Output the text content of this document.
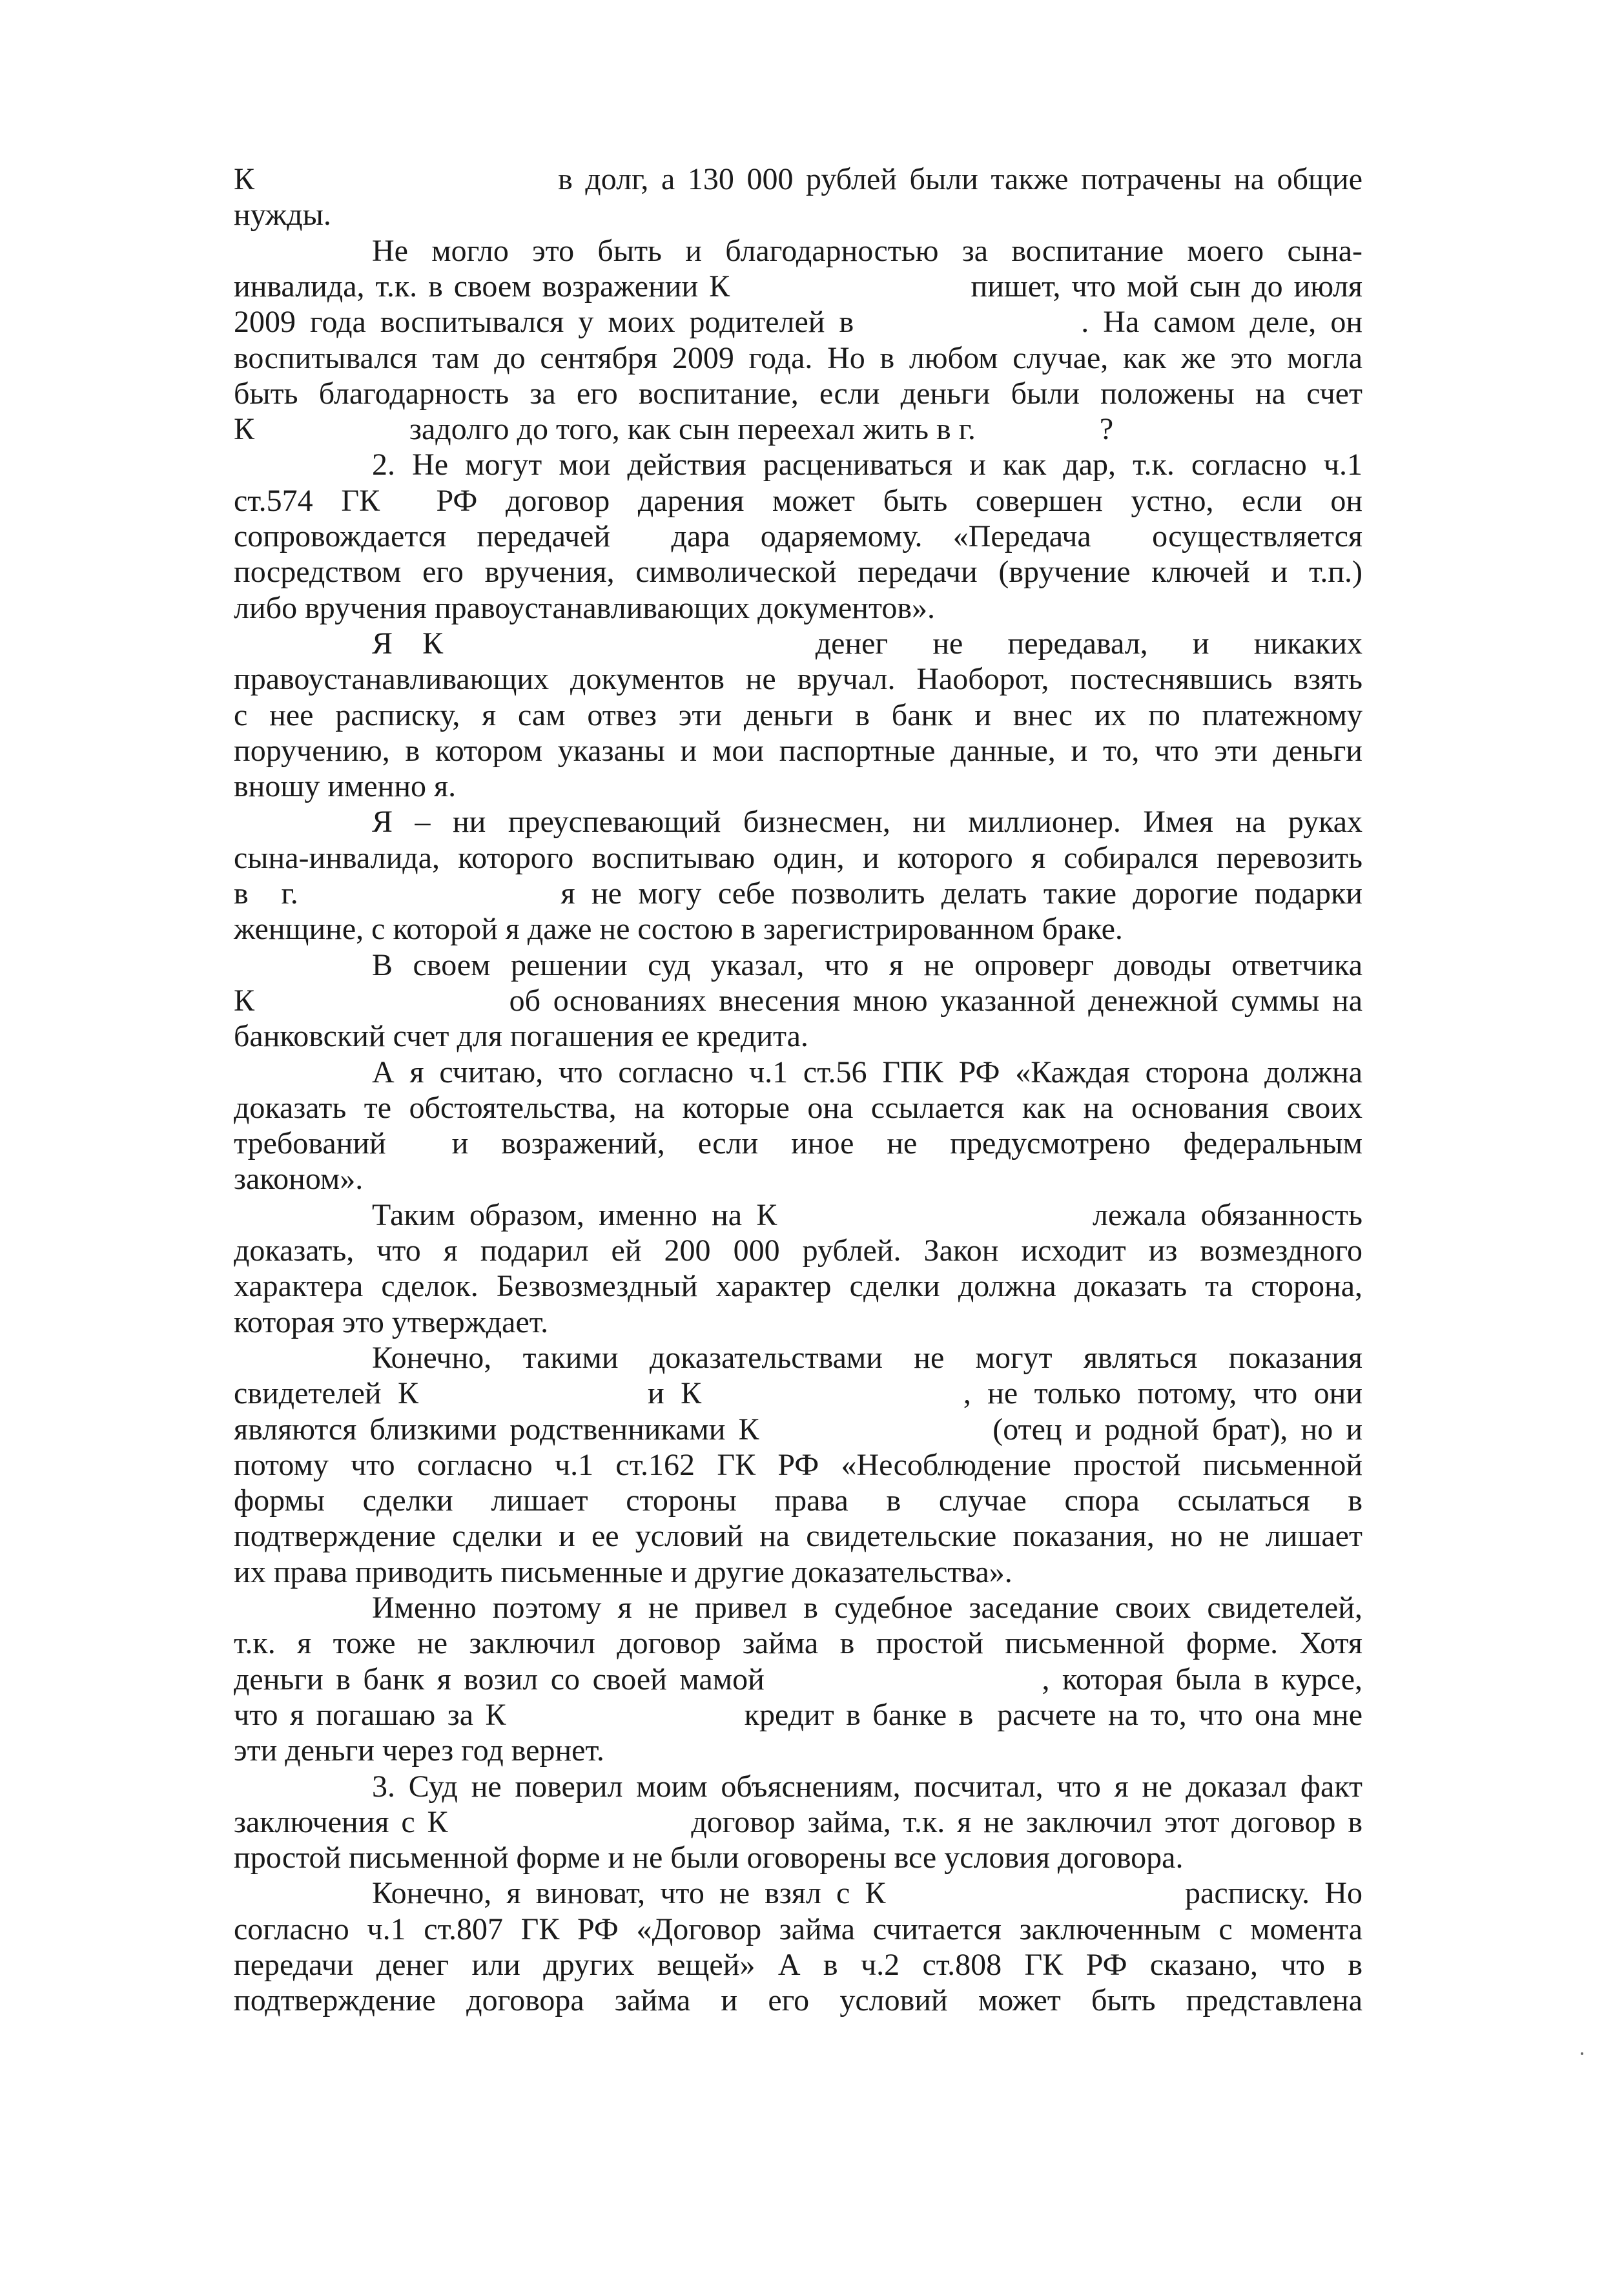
К                        в долг, а 130 000 рублей были также потрачены на общие
нужды.
Не могло это быть и благодарностью за воспитание моего сына-
инвалида, т.к. в своем возражении К                      пишет, что мой сын до июля
2009 года воспитывался у моих родителей в                . На самом деле, он
воспитывался там до сентября 2009 года. Но в любом случае, как же это могла
быть благодарность за его воспитание, если деньги были положены на счет
К                    задолго до того, как сын переехал жить в г.                ?
2. Не могут мои действия расцениваться и как дар, т.к. согласно ч.1
ст.574 ГК  РФ договор дарения может быть совершен устно, если он
сопровождается передачей  дара одаряемому. «Передача  осуществляется
посредством его вручения, символической передачи (вручение ключей и т.п.)
либо вручения правоустанавливающих документов».
Я  К                         денег   не   передавал,   и   никаких
правоустанавливающих документов не вручал. Наоборот, постеснявшись взять
с нее расписку, я сам отвез эти деньги в банк и внес их по платежному
поручению, в котором указаны и мои паспортные данные, и то, что эти деньги
вношу именно я.
Я – ни преуспевающий бизнесмен, ни миллионер. Имея на руках
сына-инвалида, которого воспитываю один, и которого я собирался перевозить
в  г.                я не могу себе позволить делать такие дорогие подарки
женщине, с которой я даже не состою в зарегистрированном браке.
В своем решении суд указал, что я не опроверг доводы ответчика
К                    об основаниях внесения мною указанной денежной суммы на
банковский счет для погашения ее кредита.
А я считаю, что согласно ч.1 ст.56 ГПК РФ «Каждая сторона должна
доказать те обстоятельства, на которые она ссылается как на основания своих
требований  и возражений, если иное не предусмотрено федеральным
законом».
Таким образом, именно на К                      лежала обязанность
доказать, что я подарил ей 200 000 рублей. Закон исходит из возмездного
характера сделок. Безвозмездный характер сделки должна доказать та сторона,
которая это утверждает.
Конечно, такими доказательствами не могут являться показания
свидетелей К              и К                , не только потому, что они
являются близкими родственниками К                  (отец и родной брат), но и
потому что согласно ч.1 ст.162 ГК РФ «Несоблюдение простой письменной
формы сделки лишает стороны права в случае спора ссылаться в
подтверждение сделки и ее условий на свидетельские показания, но не лишает
их права приводить письменные и другие доказательства».
Именно поэтому я не привел в судебное заседание своих свидетелей,
т.к. я тоже не заключил договор займа в простой письменной форме. Хотя
деньги в банк я возил со своей мамой                      , которая была в курсе,
что я погашаю за К                    кредит в банке в  расчете на то, что она мне
эти деньги через год вернет.
3. Суд не поверил моим объяснениям, посчитал, что я не доказал факт
заключения с К                    договор займа, т.к. я не заключил этот договор в
простой письменной форме и не были оговорены все условия договора.
Конечно, я виноват, что не взял с К                    расписку. Но
согласно ч.1 ст.807 ГК РФ «Договор займа считается заключенным с момента
передачи денег или других вещей» А в ч.2 ст.808 ГК РФ сказано, что в
подтверждение договора займа и его условий может быть представлена
